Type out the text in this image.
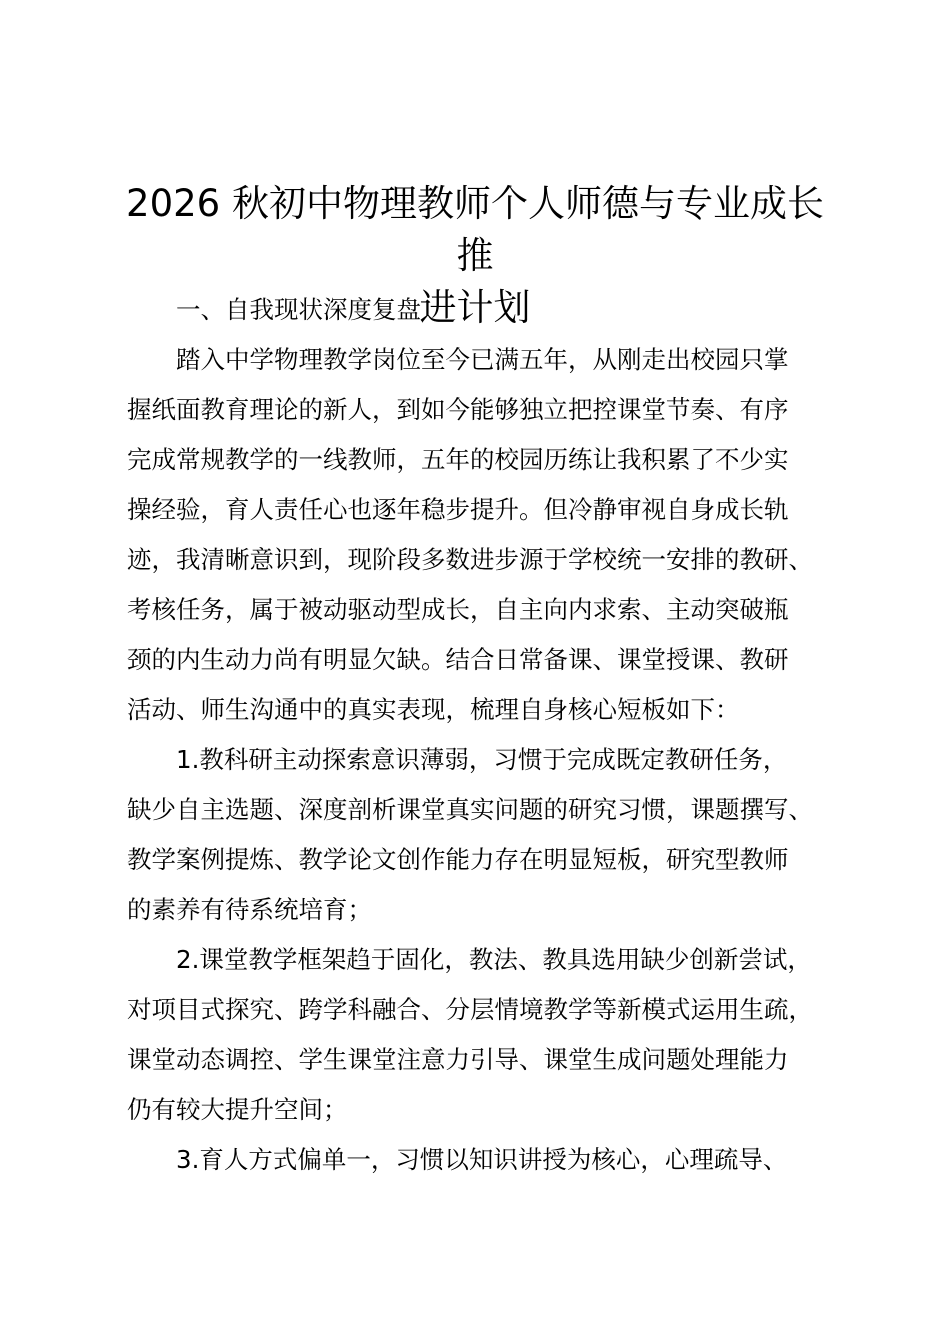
2026 秋初中物理教师个人师德与专业成长推
进计划
一、自我现状深度复盘
踏入中学物理教学岗位至今已满五年，从刚走出校园只掌
握纸面教育理论的新人，到如今能够独立把控课堂节奏、有序
完成常规教学的一线教师，五年的校园历练让我积累了不少实
操经验，育人责任心也逐年稳步提升。但冷静审视自身成长轨
迹，我清晰意识到，现阶段多数进步源于学校统一安排的教研、
考核任务，属于被动驱动型成长，自主向内求索、主动突破瓶
颈的内生动力尚有明显欠缺。结合日常备课、课堂授课、教研
活动、师生沟通中的真实表现，梳理自身核心短板如下：
1.教科研主动探索意识薄弱，习惯于完成既定教研任务，
缺少自主选题、深度剖析课堂真实问题的研究习惯，课题撰写、
教学案例提炼、教学论文创作能力存在明显短板，研究型教师
的素养有待系统培育；
2.课堂教学框架趋于固化，教法、教具选用缺少创新尝试，
对项目式探究、跨学科融合、分层情境教学等新模式运用生疏，
课堂动态调控、学生课堂注意力引导、课堂生成问题处理能力
仍有较大提升空间；
3.育人方式偏单一，习惯以知识讲授为核心，心理疏导、
